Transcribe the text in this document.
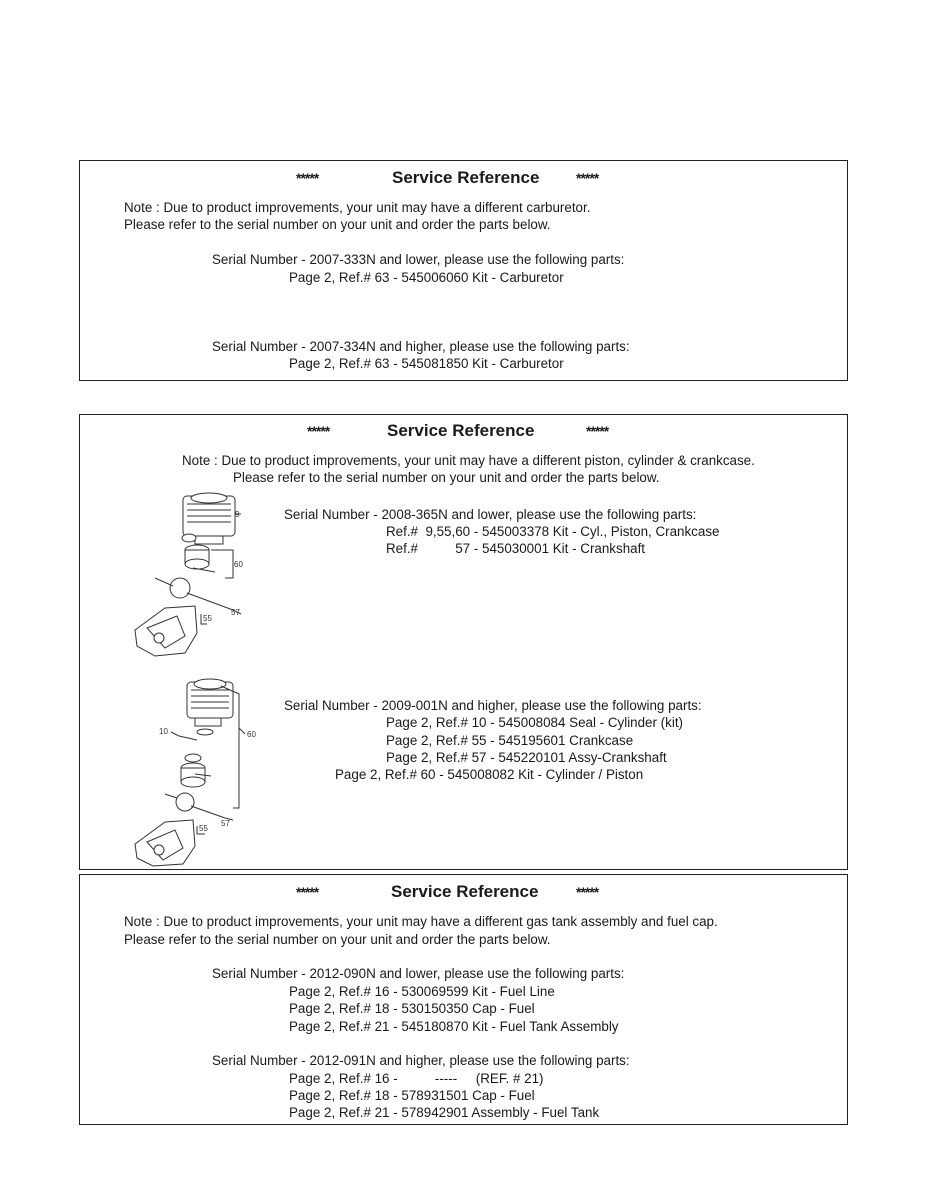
*****	Service Reference	*****
Note : Due to product improvements, your unit may have a different carburetor.
Please refer to the serial number on your unit and order the parts below.
Serial Number - 2007-333N and lower, please use the following parts:
Page 2, Ref.# 63 - 545006060 Kit - Carburetor
Serial Number - 2007-334N and higher, please use the following parts:
Page 2, Ref.# 63 - 545081850 Kit - Carburetor
*****	Service Reference	*****
Note : Due to product improvements, your unit may have a different piston, cylinder & crankcase.
Please refer to the serial number on your unit and order the parts below.
Serial Number - 2008-365N and lower, please use the following parts:
Ref.#  9,55,60 - 545003378 Kit - Cyl., Piston, Crankcase
Ref.#          57 - 545030001 Kit - Crankshaft
Serial Number - 2009-001N and higher, please use the following parts:
Page 2, Ref.# 10 - 545008084 Seal - Cylinder (kit)
Page 2, Ref.# 55 - 545195601 Crankcase
Page 2, Ref.# 57 - 545220101 Assy-Crankshaft
Page 2, Ref.# 60 - 545008082 Kit - Cylinder / Piston
9
60
57
55
10	60
57
55
*****	Service Reference	*****
Note : Due to product improvements, your unit may have a different gas tank assembly and fuel cap.
Please refer to the serial number on your unit and order the parts below.
Serial Number - 2012-090N and lower, please use the following parts:
Page 2, Ref.# 16 - 530069599 Kit - Fuel Line
Page 2, Ref.# 18 - 530150350 Cap - Fuel
Page 2, Ref.# 21 - 545180870 Kit - Fuel Tank Assembly
Serial Number - 2012-091N and higher, please use the following parts:
Page 2, Ref.# 16 -          -----     (REF. # 21)
Page 2, Ref.# 18 - 578931501 Cap - Fuel
Page 2, Ref.# 21 - 578942901 Assembly - Fuel Tank
